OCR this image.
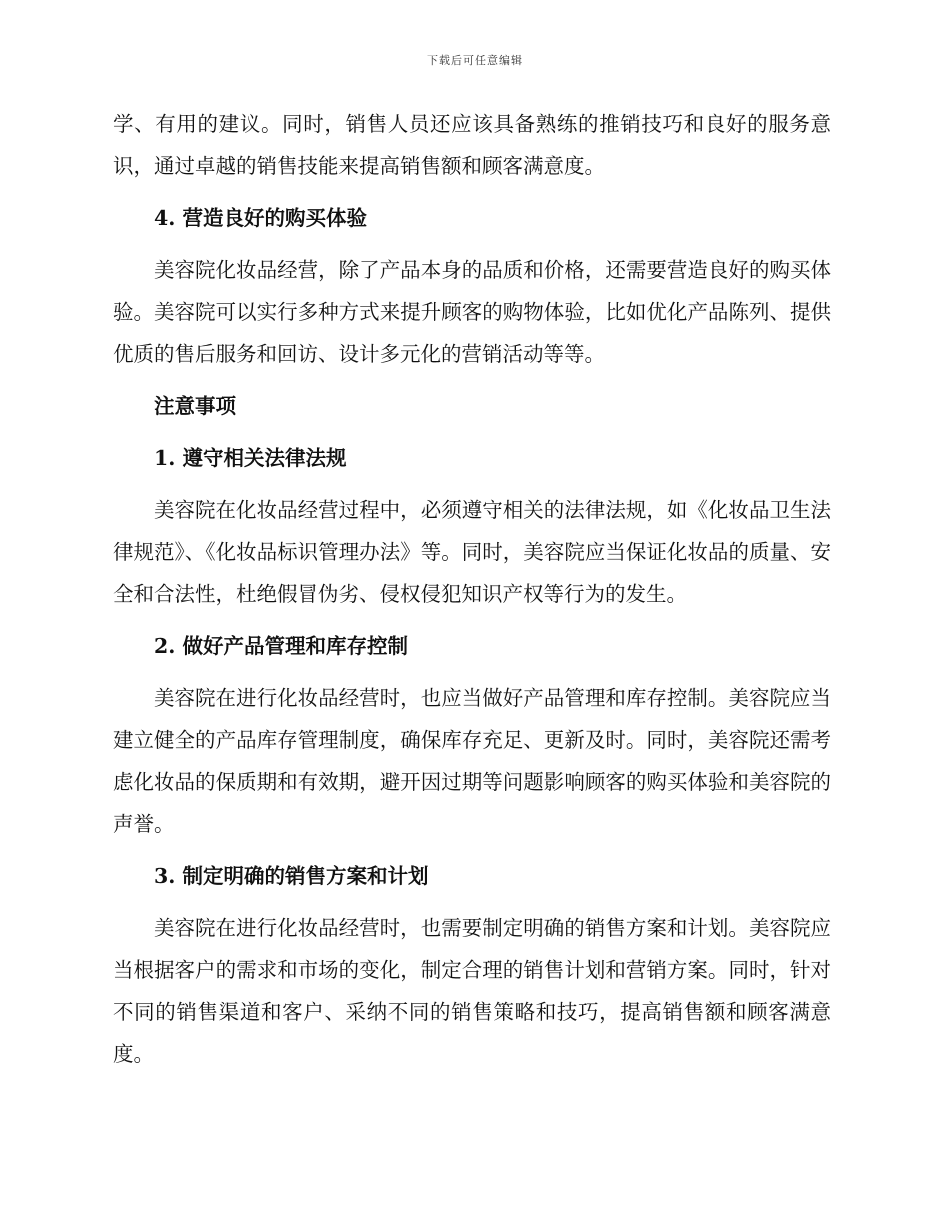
下载后可任意编辑

学、有用的建议。同时，销售人员还应该具备熟练的推销技巧和良好的服务意识，通过卓越的销售技能来提高销售额和顾客满意度。

4. 营造良好的购买体验

美容院化妆品经营，除了产品本身的品质和价格，还需要营造良好的购买体验。美容院可以实行多种方式来提升顾客的购物体验，比如优化产品陈列、提供优质的售后服务和回访、设计多元化的营销活动等等。

注意事项
1. 遵守相关法律法规

美容院在化妆品经营过程中，必须遵守相关的法律法规，如《化妆品卫生法律规范》、《化妆品标识管理办法》等。同时，美容院应当保证化妆品的质量、安全和合法性，杜绝假冒伪劣、侵权侵犯知识产权等行为的发生。

2. 做好产品管理和库存控制

美容院在进行化妆品经营时，也应当做好产品管理和库存控制。美容院应当建立健全的产品库存管理制度，确保库存充足、更新及时。同时，美容院还需考虑化妆品的保质期和有效期，避开因过期等问题影响顾客的购买体验和美容院的声誉。

3. 制定明确的销售方案和计划

美容院在进行化妆品经营时，也需要制定明确的销售方案和计划。美容院应当根据客户的需求和市场的变化，制定合理的销售计划和营销方案。同时，针对不同的销售渠道和客户、采纳不同的销售策略和技巧，提高销售额和顾客满意度。
